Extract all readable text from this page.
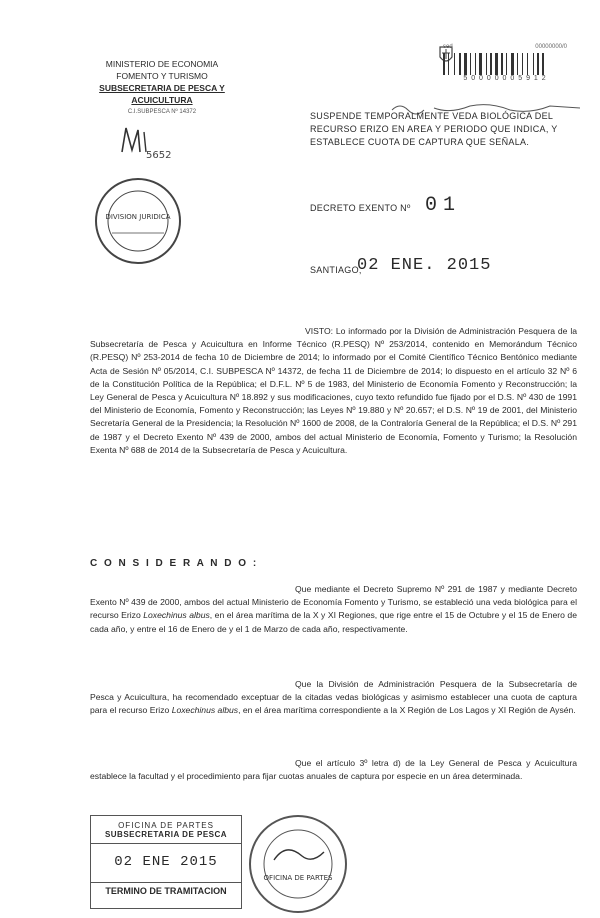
MINISTERIO DE ECONOMIA
FOMENTO Y TURISMO
SUBSECRETARIA DE PESCA Y ACUICULTURA
C.I.SUBPESCA Nº 14372
5652
DIVISION JURIDICA
sed	00000000/0
5 0 0 0 0 0 0 5 9 1 2
SUSPENDE TEMPORALMENTE VEDA BIOLÓGICA DEL RECURSO ERIZO EN AREA Y PERIODO QUE INDICA, Y ESTABLECE CUOTA DE CAPTURA QUE SEÑALA.
DECRETO EXENTO Nº 01
SANTIAGO,
02 ENE. 2015
VISTO: Lo informado por la División de Administración Pesquera de la Subsecretaría de Pesca y Acuicultura en Informe Técnico (R.PESQ) Nº 253/2014, contenido en Memorándum Técnico (R.PESQ) Nº 253-2014 de fecha 10 de Diciembre de 2014; lo informado por el Comité Científico Técnico Bentónico mediante Acta de Sesión Nº 05/2014, C.I. SUBPESCA Nº 14372, de fecha 11 de Diciembre de 2014; lo dispuesto en el artículo 32 Nº 6 de la Constitución Política de la República; el D.F.L. Nº 5 de 1983, del Ministerio de Economía Fomento y Reconstrucción; la Ley General de Pesca y Acuicultura Nº 18.892 y sus modificaciones, cuyo texto refundido fue fijado por el D.S. Nº 430 de 1991 del Ministerio de Economía, Fomento y Reconstrucción; las Leyes Nº 19.880 y Nº 20.657; el D.S. Nº 19 de 2001, del Ministerio Secretaría General de la Presidencia; la Resolución Nº 1600 de 2008, de la Contraloría General de la República; el D.S. Nº 291 de 1987 y el Decreto Exento Nº 439 de 2000, ambos del actual Ministerio de Economía, Fomento y Turismo; la Resolución Exenta Nº 688 de 2014 de la Subsecretaría de Pesca y Acuicultura.
C O N S I D E R A N D O :
Que mediante el Decreto Supremo Nº 291 de 1987 y mediante Decreto Exento Nº 439 de 2000, ambos del actual Ministerio de Economía Fomento y Turismo, se estableció una veda biológica para el recurso Erizo Loxechinus albus, en el área marítima de la X y XI Regiones, que rige entre el 15 de Octubre y el 15 de Enero de cada año, y entre el 16 de Enero de y el 1 de Marzo de cada año, respectivamente.
Que la División de Administración Pesquera de la Subsecretaría de Pesca y Acuicultura, ha recomendado exceptuar de la citadas vedas biológicas y asimismo establecer una cuota de captura para el recurso Erizo Loxechinus albus, en el área marítima correspondiente a la X Región de Los Lagos y XI Región de Aysén.
Que el artículo 3º letra d) de la Ley General de Pesca y Acuicultura establece la facultad y el procedimiento para fijar cuotas anuales de captura por especie en un área determinada.
OFICINA DE PARTES
SUBSECRETARIA DE PESCA
02 ENE 2015
TERMINO DE TRAMITACION
OFICINA DE PARTES
